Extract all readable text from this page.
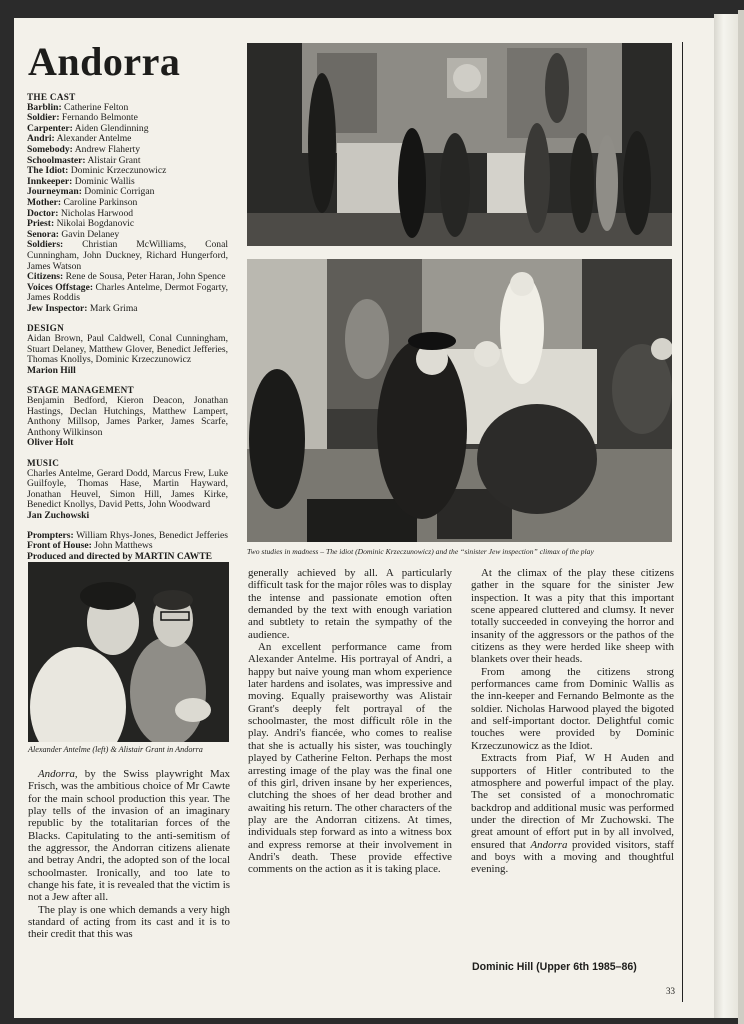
Andorra

THE CAST

Barblin: Catherine Felton

Soldier: Fernando Belmonte

Carpenter: Aiden Glendinning

Andri: Alexander Antelme

Somebody: Andrew Flaherty

Schoolmaster: Alistair Grant

The Idiot: Dominic Krzeczunowicz

Innkeeper: Dominic Wallis

Journeyman: Dominic Corrigan

Mother: Caroline Parkinson

Doctor: Nicholas Harwood

Priest: Nikolai Bogdanovic

Senora: Gavin Delaney

Soldiers: Christian McWilliams, Conal Cunningham, John Duckney, Richard Hungerford, James Watson

Citizens: Rene de Sousa, Peter Haran, John Spence

Voices Offstage: Charles Antelme, Dermot Fogarty, James Roddis

Jew Inspector: Mark Grima

DESIGN

Aidan Brown, Paul Caldwell, Conal Cunningham, Stuart Delaney, Matthew Glover, Benedict Jefferies, Thomas Knollys, Dominic Krzeczunowicz

Marion Hill

STAGE MANAGEMENT

Benjamin Bedford, Kieron Deacon, Jonathan Hastings, Declan Hutchings, Matthew Lampert, Anthony Millsop, James Parker, James Scarfe, Anthony Wilkinson

Oliver Holt

MUSIC

Charles Antelme, Gerard Dodd, Marcus Frew, Luke Guilfoyle, Thomas Hase, Martin Hayward, Jonathan Heuvel, Simon Hill, James Kirke, Benedict Knollys, David Petts, John Woodward

Jan Zuchowski

Prompters: William Rhys-Jones, Benedict Jefferies Front of House: John Matthews

Produced and directed by MARTIN CAWTE	Two studies in madness – The idiot (Dominic Krzeczunowicz) and the “sinister Jew inspection” climax of the play
Alexander Antelme (left) & Alistair Grant in Andorra

Andorra, by the Swiss playwright Max Frisch, was the ambitious choice of Mr Cawte for the main school production this year. The play tells of the invasion of an imaginary republic by the totalitarian forces of the Blacks. Capitulating to the anti-semitism of the aggressor, the Andorran citizens alienate and betray Andri, the adopted son of the local schoolmaster. Ironically, and too late to change his fate, it is revealed that the victim is not a Jew after all.

The play is one which demands a very high standard of acting from its cast and it is to their credit that this was

generally achieved by all. A particularly difficult task for the major rôles was to display the intense and passionate emotion often demanded by the text with enough variation and subtlety to retain the sympathy of the audience.

An excellent performance came from Alexander Antelme. His portrayal of Andri, a happy but naive young man whom experience later hardens and isolates, was impressive and moving. Equally praiseworthy was Alistair Grant's deeply felt portrayal of the schoolmaster, the most difficult rôle in the play. Andri's fiancée, who comes to realise that she is actually his sister, was touchingly played by Catherine Felton. Perhaps the most arresting image of the play was the final one of this girl, driven insane by her experiences, clutching the shoes of her dead brother and awaiting his return. The other characters of the play are the Andorran citizens. At times, individuals step forward as into a witness box and express remorse at their involvement in Andri's death. These provide effective comments on the action as it is taking place.

At the climax of the play these citizens gather in the square for the sinister Jew inspection. It was a pity that this important scene appeared cluttered and clumsy. It never totally succeeded in conveying the horror and insanity of the aggressors or the pathos of the citizens as they were herded like sheep with blankets over their heads.

From among the citizens strong performances came from Dominic Wallis as the inn-keeper and Fernando Belmonte as the soldier. Nicholas Harwood played the bigoted and self-important doctor. Delightful comic touches were provided by Dominic Krzeczunowicz as the Idiot.

Extracts from Piaf, W H Auden and supporters of Hitler contributed to the atmosphere and powerful impact of the play. The set consisted of a monochromatic backdrop and additional music was performed under the direction of Mr Zuchowski. The great amount of effort put in by all involved, ensured that Andorra provided visitors, staff and boys with a moving and thoughtful evening.

Dominic Hill (Upper 6th 1985–86)
33
